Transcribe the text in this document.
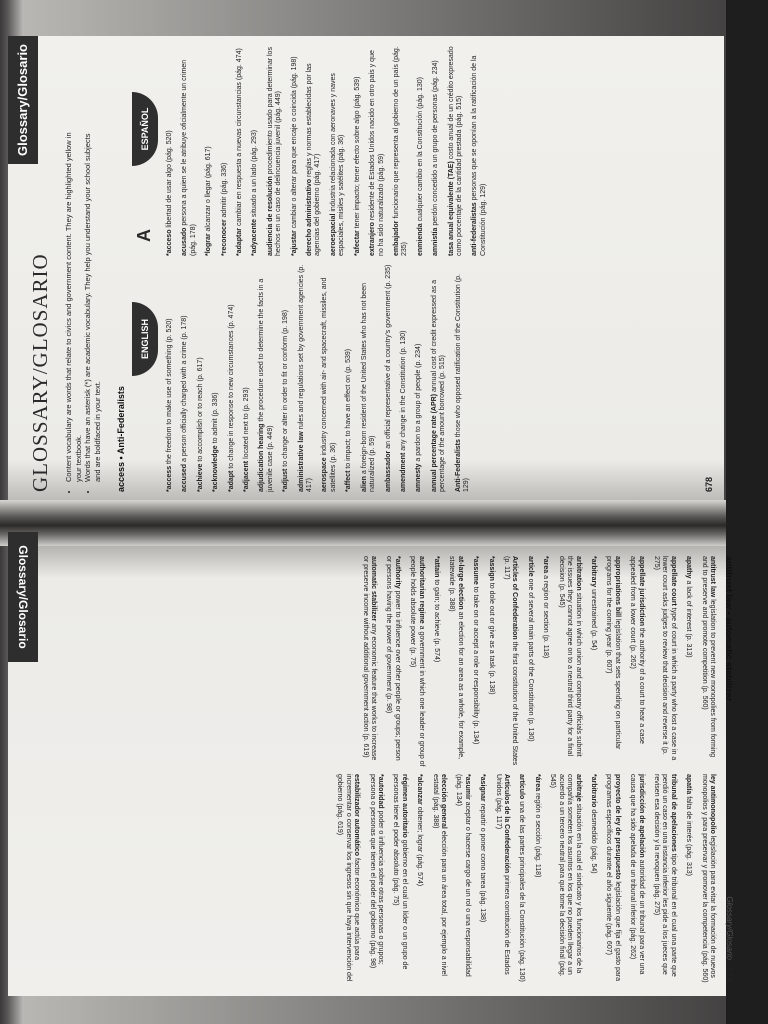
Glossary/Glosario
GLOSSARY/GLOSARIO • Content vocabulary are words that relate to civics and government content. They are highlighted yellow in your textbook. • Words that have an asterisk (*) are academic vocabulary. They help you understand your school subjects and are boldfaced in your text. access • Anti-Federalists
ENGLISH
A
ESPAÑOL

*access the freedom to make use of something (p. 520)

accused a person officially charged with a crime (p. 178)

*achieve to accomplish or to reach (p. 617)

*acknowledge to admit (p. 336)

*adapt to change in response to new circumstances (p. 474)

*adjacent located next to (p. 293) adjudication hearing the procedure used to determine the facts in a juvenile case (p. 449) *adjust to change or alter in order to fit or conform (p. 198) administrative law rules and regulations set by government agencies (p. 417) aerospace industry concerned with air- and spacecraft, missiles, and satellites (p. 36) *affect to impact; to have an effect on (p. 539)

alien a foreign-born resident of the United States who has not been naturalized (p. 59) ambassador an official representative of a country's government (p. 235)

amendment any change in the Constitution (p. 130)

amnesty a pardon to a group of people (p. 234) annual percentage rate (APR) annual cost of credit expressed as a percentage of the amount borrowed (p. 515) Anti-Federalists those who opposed ratification of the Constitution (p. 129)

*acceso libertad de usar algo (pág. 520)

acusado persona a quien se le atribuye oficialmente un crimen (pág. 178) *lograr alcanzar o llegar (pág. 617)

*reconocer admitir (pág. 336)

*adaptar cambiar en respuesta a nuevas circunstancias (pág. 474)

*adyacente situado a un lado (pág. 293) audiencia de resolución procedimiento usado para determinar los hechos en un caso de delincuencia juvenil (pág. 449) *ajustar cambiar o alterar para que encaje o coincida (pág. 198) derecho administrativo reglas y normas establecidas por las agencias del gobierno (pág. 417) aeroespacial industria relacionada con aeronaves y naves espaciales, misiles y satélites (pág. 36) *afectar tener impacto; tener efecto sobre algo (pág. 539)

extranjero residente de Estados Unidos nacido en otro país y que no ha sido naturalizado (pág. 59) embajador funcionario que representa al gobierno de un país (pág. 235) enmienda cualquier cambio en la Constitución (pág. 130)

amnistía perdón concedido a un grupo de personas (pág. 234) tasa anual equivalente (TAE) costo anual de un crédito expresado como porcentaje de la cantidad prestada (pág. 515) anti-federalistas personas que se oponían a la ratificación de la Constitución (pág. 129)

678
antitrust law • automatic stabilizer
Glossary/Glosario
679

antitrust law legislation to prevent new monopolies from forming and to preserve and promote competition (p. 560)

apathy a lack of interest (p. 313)

appellate court type of court in which a party who lost a case in a lower court asks judges to review that decision and reverse it (p. 275)

appellate jurisdiction the authority of a court to hear a case appealed from a lower court (p. 262)

appropriations bill legislation that sets spending on particular programs for the coming year (p. 607)

*arbitrary unrestrained (p. 54)

arbitration situation in which union and company officials submit the issues they cannot agree on to a neutral third party for a final decision (p. 545)

*area a region or section (p. 118)

article one of several main parts of the Constitution (p. 130)

Articles of Confederation the first constitution of the United States (p. 117)

*assign to dole out or give as a task (p. 138)

*assume to take on or accept a role or responsibility (p. 134)

at-large election an election for an area as a whole, for example, statewide (p. 388)

*attain to gain; to achieve (p. 574)

authoritarian regime a government in which one leader or group of people holds absolute power (p. 75)

*authority power to influence over other people or groups; person or persons having the power of government (p. 98)

automatic stabilizer any economic feature that works to increase or preserve income without additional government action (p. 619)

ley antimonopolio legislación para evitar la formación de nuevos monopolios y para preservar y promover la competencia (pág. 560)

apatía falta de interés (pág. 313)

tribunal de apelaciones tipo de tribunal en el cual una parte que perdió un caso en una instancia inferior les pide a los jueces que revisen esa decisión y la revoquen (pág. 275)

jurisdicción de apelación autoridad de un tribunal para ver una causa que ha sido apelada de un tribunal inferior (pág. 262)

proyecto de ley de presupuesto legislación que fija el gasto para programas específicos durante el año siguiente (pág. 607)

*arbitrario desmedido (pág. 54)

arbitraje situación en la cual el sindicato y los funcionarios de la compañía someten los asuntos en los que no pueden llegar a un acuerdo a un tercero neutral para que tome la decisión final (pág. 545)

*área región o sección (pág. 118)

artículo una de las partes principales de la Constitución (pág. 130)

Artículos de la Confederación primera constitución de Estados Unidos (pág. 117)

*asignar repartir o poner como tarea (pág. 138)

*asumir aceptar o hacerse cargo de un rol o una responsabilidad (pág. 134)

elección general elección para un área total, por ejemplo a nivel estatal (pág. 388)

*alcanzar obtener; lograr (pág. 574)

régimen autoritario gobierno en el cual un líder o un grupo de personas tiene el poder absoluto (pág. 75)

*autoridad poder o influencia sobre otras personas o grupos; persona o personas que tienen el poder del gobierno (pág. 98)

estabilizador automático factor económico que actúa para incrementar o conservar los ingresos sin que haya intervención del gobierno (pág. 619)

Glossary/Glosario
